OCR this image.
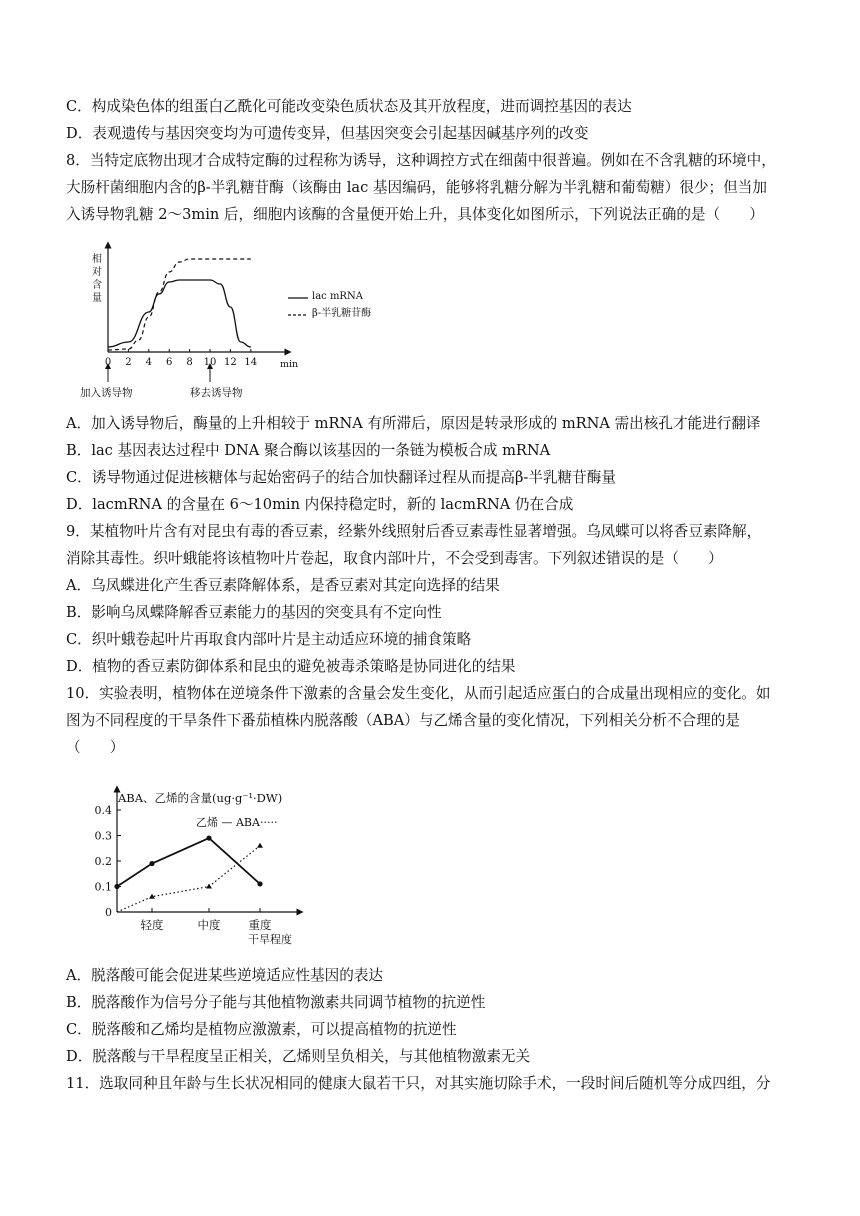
C．构成染色体的组蛋白乙酰化可能改变染色质状态及其开放程度，进而调控基因的表达
D．表观遗传与基因突变均为可遗传变异，但基因突变会引起基因碱基序列的改变
8．当特定底物出现才合成特定酶的过程称为诱导，这种调控方式在细菌中很普遍。例如在不含乳糖的环境中，
大肠杆菌细胞内含的β-半乳糖苷酶（该酶由 lac 基因编码，能够将乳糖分解为半乳糖和葡萄糖）很少；但当加
入诱导物乳糖 2～3min 后，细胞内该酶的含量便开始上升，具体变化如图所示，下列说法正确的是（　　）
相
对
含
量
0 2 4 6 8 10 12 14 min
lac mRNA
β-半乳糖苷酶
加入诱导物	移去诱导物
A．加入诱导物后，酶量的上升相较于 mRNA 有所滞后，原因是转录形成的 mRNA 需出核孔才能进行翻译
B．lac 基因表达过程中 DNA 聚合酶以该基因的一条链为模板合成 mRNA
C．诱导物通过促进核糖体与起始密码子的结合加快翻译过程从而提高β-半乳糖苷酶量
D．lacmRNA 的含量在 6～10min 内保持稳定时，新的 lacmRNA 仍在合成
9．某植物叶片含有对昆虫有毒的香豆素，经紫外线照射后香豆素毒性显著增强。乌凤蝶可以将香豆素降解，
消除其毒性。织叶蛾能将该植物叶片卷起，取食内部叶片，不会受到毒害。下列叙述错误的是（　　）
A．乌凤蝶进化产生香豆素降解体系，是香豆素对其定向选择的结果
B．影响乌凤蝶降解香豆素能力的基因的突变具有不定向性
C．织叶蛾卷起叶片再取食内部叶片是主动适应环境的捕食策略
D．植物的香豆素防御体系和昆虫的避免被毒杀策略是协同进化的结果
10．实验表明，植物体在逆境条件下激素的含量会发生变化，从而引起适应蛋白的合成量出现相应的变化。如
图为不同程度的干旱条件下番茄植株内脱落酸（ABA）与乙烯含量的变化情况，下列相关分析不合理的是
（　　）
ABA、乙烯的含量(ug·g⁻¹·DW)
乙烯 — ABA·····
0
0.1
0.2
0.3
0.4
轻度	中度 重度
干旱程度
A．脱落酸可能会促进某些逆境适应性基因的表达
B．脱落酸作为信号分子能与其他植物激素共同调节植物的抗逆性
C．脱落酸和乙烯均是植物应激激素，可以提高植物的抗逆性
D．脱落酸与干旱程度呈正相关，乙烯则呈负相关，与其他植物激素无关
11．选取同种且年龄与生长状况相同的健康大鼠若干只，对其实施切除手术，一段时间后随机等分成四组，分
